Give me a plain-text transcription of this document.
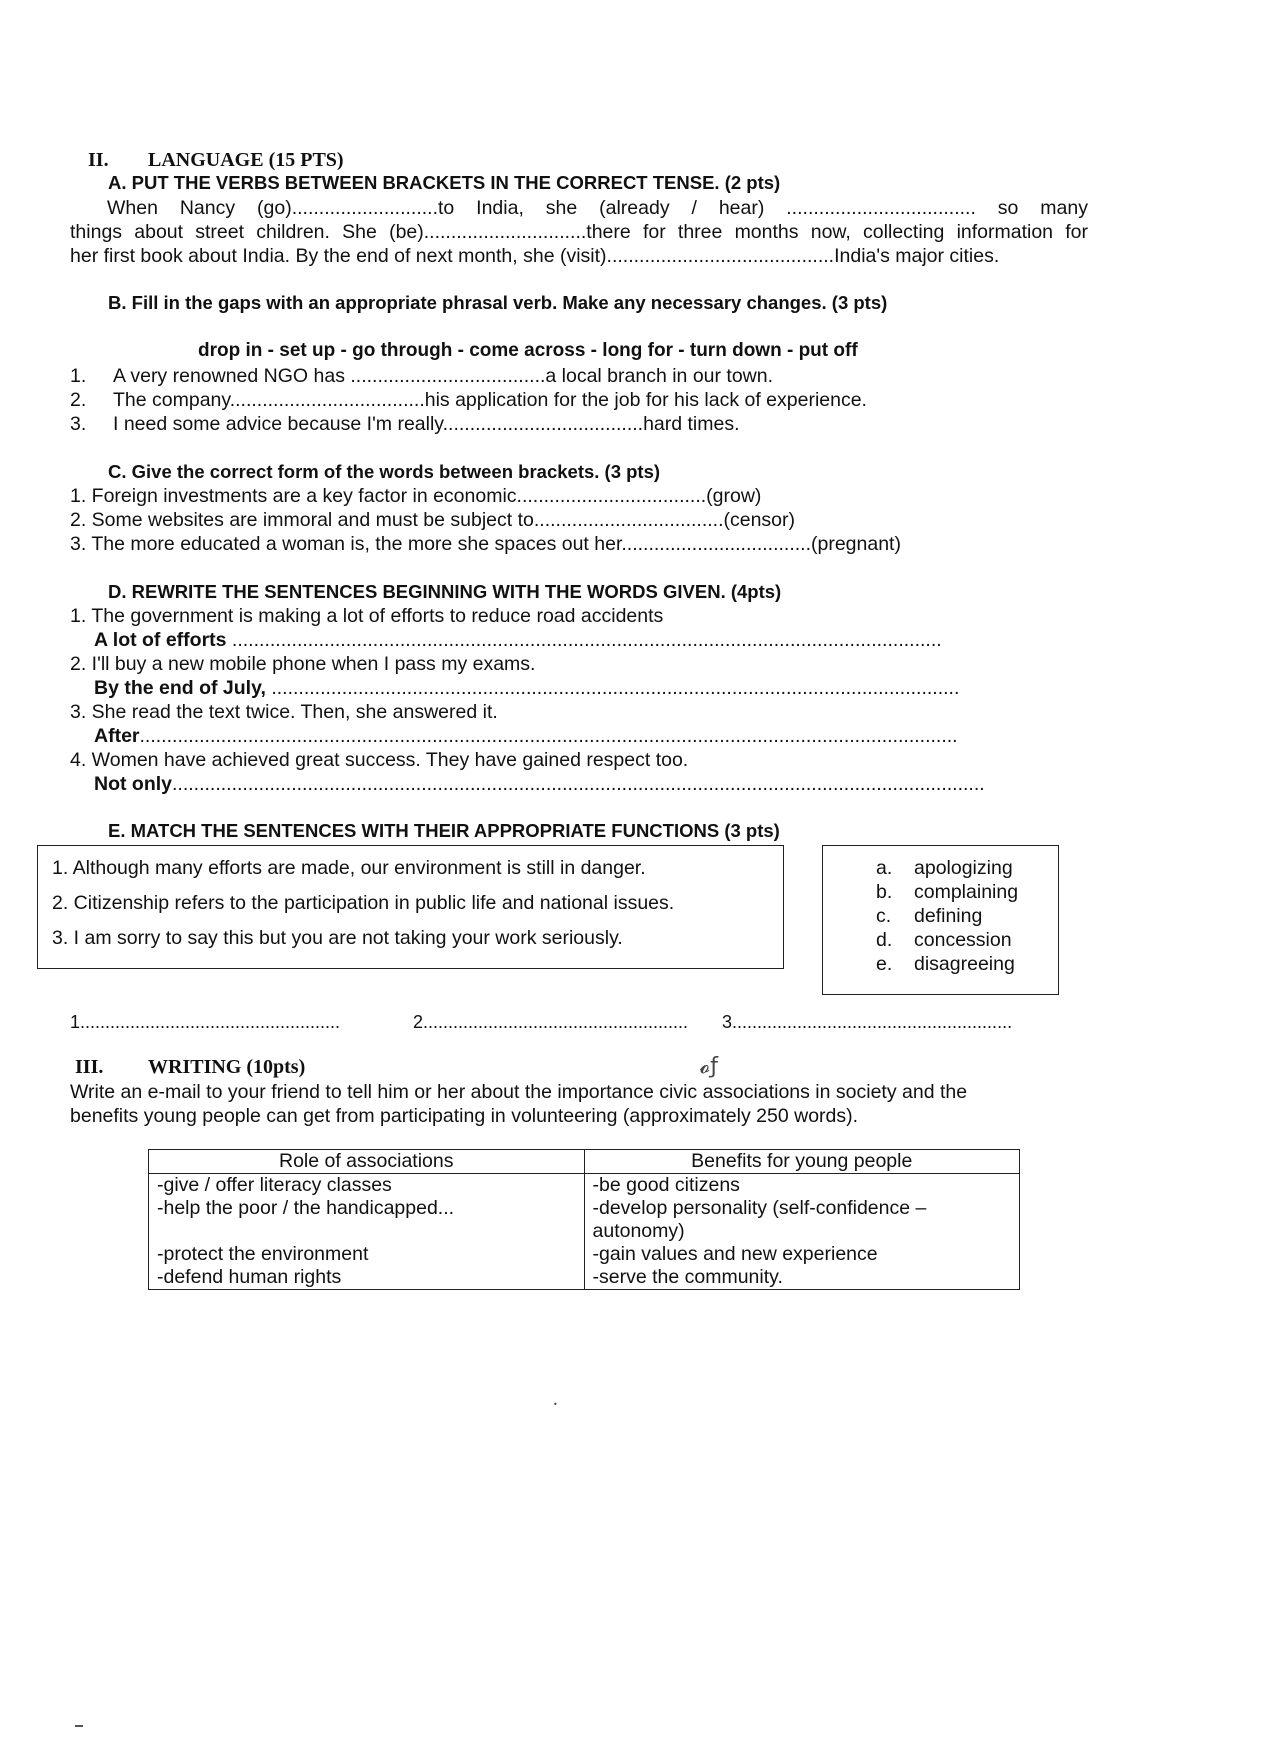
II. LANGUAGE (15 PTS)
A. PUT THE VERBS BETWEEN BRACKETS IN THE CORRECT TENSE. (2 pts)
When Nancy (go)...........................to India, she (already / hear) ................................... so many
things about street children. She (be)..............................there for three months now, collecting information for
her first book about India. By the end of next month, she (visit)..........................................India's major cities.
B. Fill in the gaps with an appropriate phrasal verb. Make any necessary changes. (3 pts)
drop in - set up - go through - come across - long for - turn down - put off
1. A very renowned NGO has ....................................a local branch in our town.
2. The company....................................his application for the job for his lack of experience.
3. I need some advice because I'm really.....................................hard times.
C. Give the correct form of the words between brackets. (3 pts)
1. Foreign investments are a key factor in economic...................................(grow)
2. Some websites are immoral and must be subject to...................................(censor)
3. The more educated a woman is, the more she spaces out her...................................(pregnant)
D. REWRITE THE SENTENCES BEGINNING WITH THE WORDS GIVEN. (4pts)
1. The government is making a lot of efforts to reduce road accidents
A lot of efforts ...................................................................................................................................
2. I'll buy a new mobile phone when I pass my exams.
By the end of July, ...............................................................................................................................
3. She read the text twice. Then, she answered it.
After.......................................................................................................................................................
4. Women have achieved great success. They have gained respect too.
Not only......................................................................................................................................................
E. MATCH THE SENTENCES WITH THEIR APPROPRIATE FUNCTIONS (3 pts)
1. Although many efforts are made, our environment is still in danger.
2. Citizenship refers to the participation in public life and national issues.
3. I am sorry to say this but you are not taking your work seriously.
a. apologizing
b. complaining
c. defining
d. concession
e. disagreeing
1....................................................	2..................................................... 3........................................................
III. WRITING (10pts)	𝓸ƒ
Write an e-mail to your friend to tell him or her about the importance civic associations in society and the
benefits young people can get from participating in volunteering (approximately 250 words).
Role of associations	Benefits for young people
-give / offer literacy classes	-be good citizens
-help the poor / the handicapped...	-develop personality (self-confidence – autonomy)
-protect the environment	-gain values and new experience
-defend human rights	-serve the community.
•
